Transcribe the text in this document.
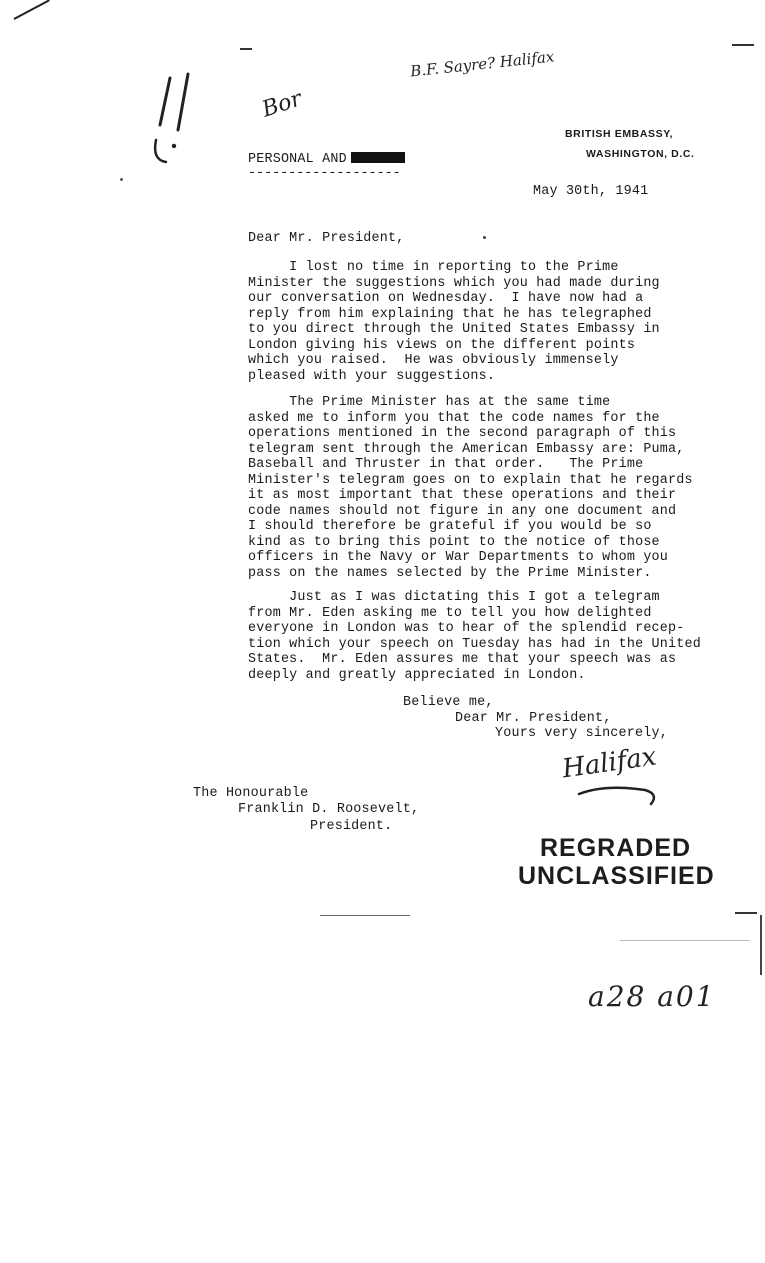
B.F. Sayre? Halifax
Bor
BRITISH EMBASSY,
WASHINGTON, D.C.
PERSONAL AND
-------------------
May 30th, 1941
Dear Mr. President,
I lost no time in reporting to the Prime
Minister the suggestions which you had made during
our conversation on Wednesday.  I have now had a
reply from him explaining that he has telegraphed
to you direct through the United States Embassy in
London giving his views on the different points
which you raised.  He was obviously immensely
pleased with your suggestions.
The Prime Minister has at the same time
asked me to inform you that the code names for the
operations mentioned in the second paragraph of this
telegram sent through the American Embassy are: Puma,
Baseball and Thruster in that order.   The Prime
Minister's telegram goes on to explain that he regards
it as most important that these operations and their
code names should not figure in any one document and
I should therefore be grateful if you would be so
kind as to bring this point to the notice of those
officers in the Navy or War Departments to whom you
pass on the names selected by the Prime Minister.
Just as I was dictating this I got a telegram
from Mr. Eden asking me to tell you how delighted
everyone in London was to hear of the splendid recep-
tion which your speech on Tuesday has had in the United
States.  Mr. Eden assures me that your speech was as
deeply and greatly appreciated in London.
Believe me,
Dear Mr. President,
Yours very sincerely,
Halifax
The Honourable
Franklin D. Roosevelt,
President.
REGRADED
UNCLASSIFIED
a28 a01
